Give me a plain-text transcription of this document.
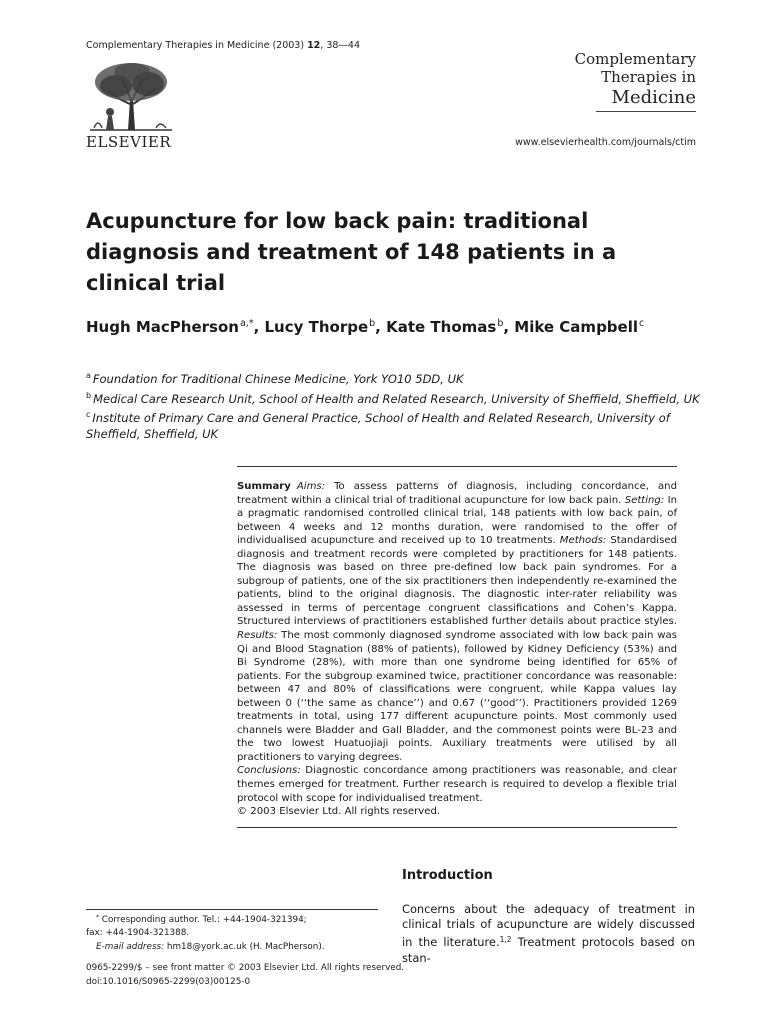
Complementary Therapies in Medicine (2003) 12, 38—44
ELSEVIER
Complementary
Therapies in
Medicine
www.elsevierhealth.com/journals/ctim
Acupuncture for low back pain: traditional diagnosis and treatment of 148 patients in a clinical trial
Hugh MacPherson$^{a,*}$, Lucy Thorpe$^b$, Kate Thomas$^b$, Mike Campbell$^c$
$^a$ Foundation for Traditional Chinese Medicine, York YO10 5DD, UK
$^b$ Medical Care Research Unit, School of Health and Related Research, University of Sheffield, Sheffield, UK
$^c$ Institute of Primary Care and General Practice, School of Health and Related Research, University of Sheffield, Sheffield, UK
Summary Aims: To assess patterns of diagnosis, including concordance, and treatment within a clinical trial of traditional acupuncture for low back pain. Setting: In a pragmatic randomised controlled clinical trial, 148 patients with low back pain, of between 4 weeks and 12 months duration, were randomised to the offer of individualised acupuncture and received up to 10 treatments. Methods: Standardised diagnosis and treatment records were completed by practitioners for 148 patients. The diagnosis was based on three pre-defined low back pain syndromes. For a subgroup of patients, one of the six practitioners then independently re-examined the patients, blind to the original diagnosis. The diagnostic inter-rater reliability was assessed in terms of percentage congruent classifications and Cohen’s Kappa. Structured interviews of practitioners established further details about practice styles. Results: The most commonly diagnosed syndrome associated with low back pain was Qi and Blood Stagnation (88% of patients), followed by Kidney Deficiency (53%) and Bi Syndrome (28%), with more than one syndrome being identified for 65% of patients. For the subgroup examined twice, practitioner concordance was reasonable: between 47 and 80% of classifications were congruent, while Kappa values lay between 0 (‘‘the same as chance’’) and 0.67 (‘‘good’’). Practitioners provided 1269 treatments in total, using 177 different acupuncture points. Most commonly used channels were Bladder and Gall Bladder, and the commonest points were BL-23 and the two lowest Huatuojiaji points. Auxiliary treatments were utilised by all practitioners to varying degrees.
Conclusions: Diagnostic concordance among practitioners was reasonable, and clear themes emerged for treatment. Further research is required to develop a flexible trial protocol with scope for individualised treatment.
© 2003 Elsevier Ltd. All rights reserved.
Introduction
Concerns about the adequacy of treatment in clinical trials of acupuncture are widely discussed in the literature.$^{1,2}$ Treatment protocols based on stan-
* Corresponding author. Tel.: +44-1904-321394;
fax: +44-1904-321388.
E-mail address: hm18@york.ac.uk (H. MacPherson).
0965-2299/$ – see front matter © 2003 Elsevier Ltd. All rights reserved.
doi:10.1016/S0965-2299(03)00125-0
